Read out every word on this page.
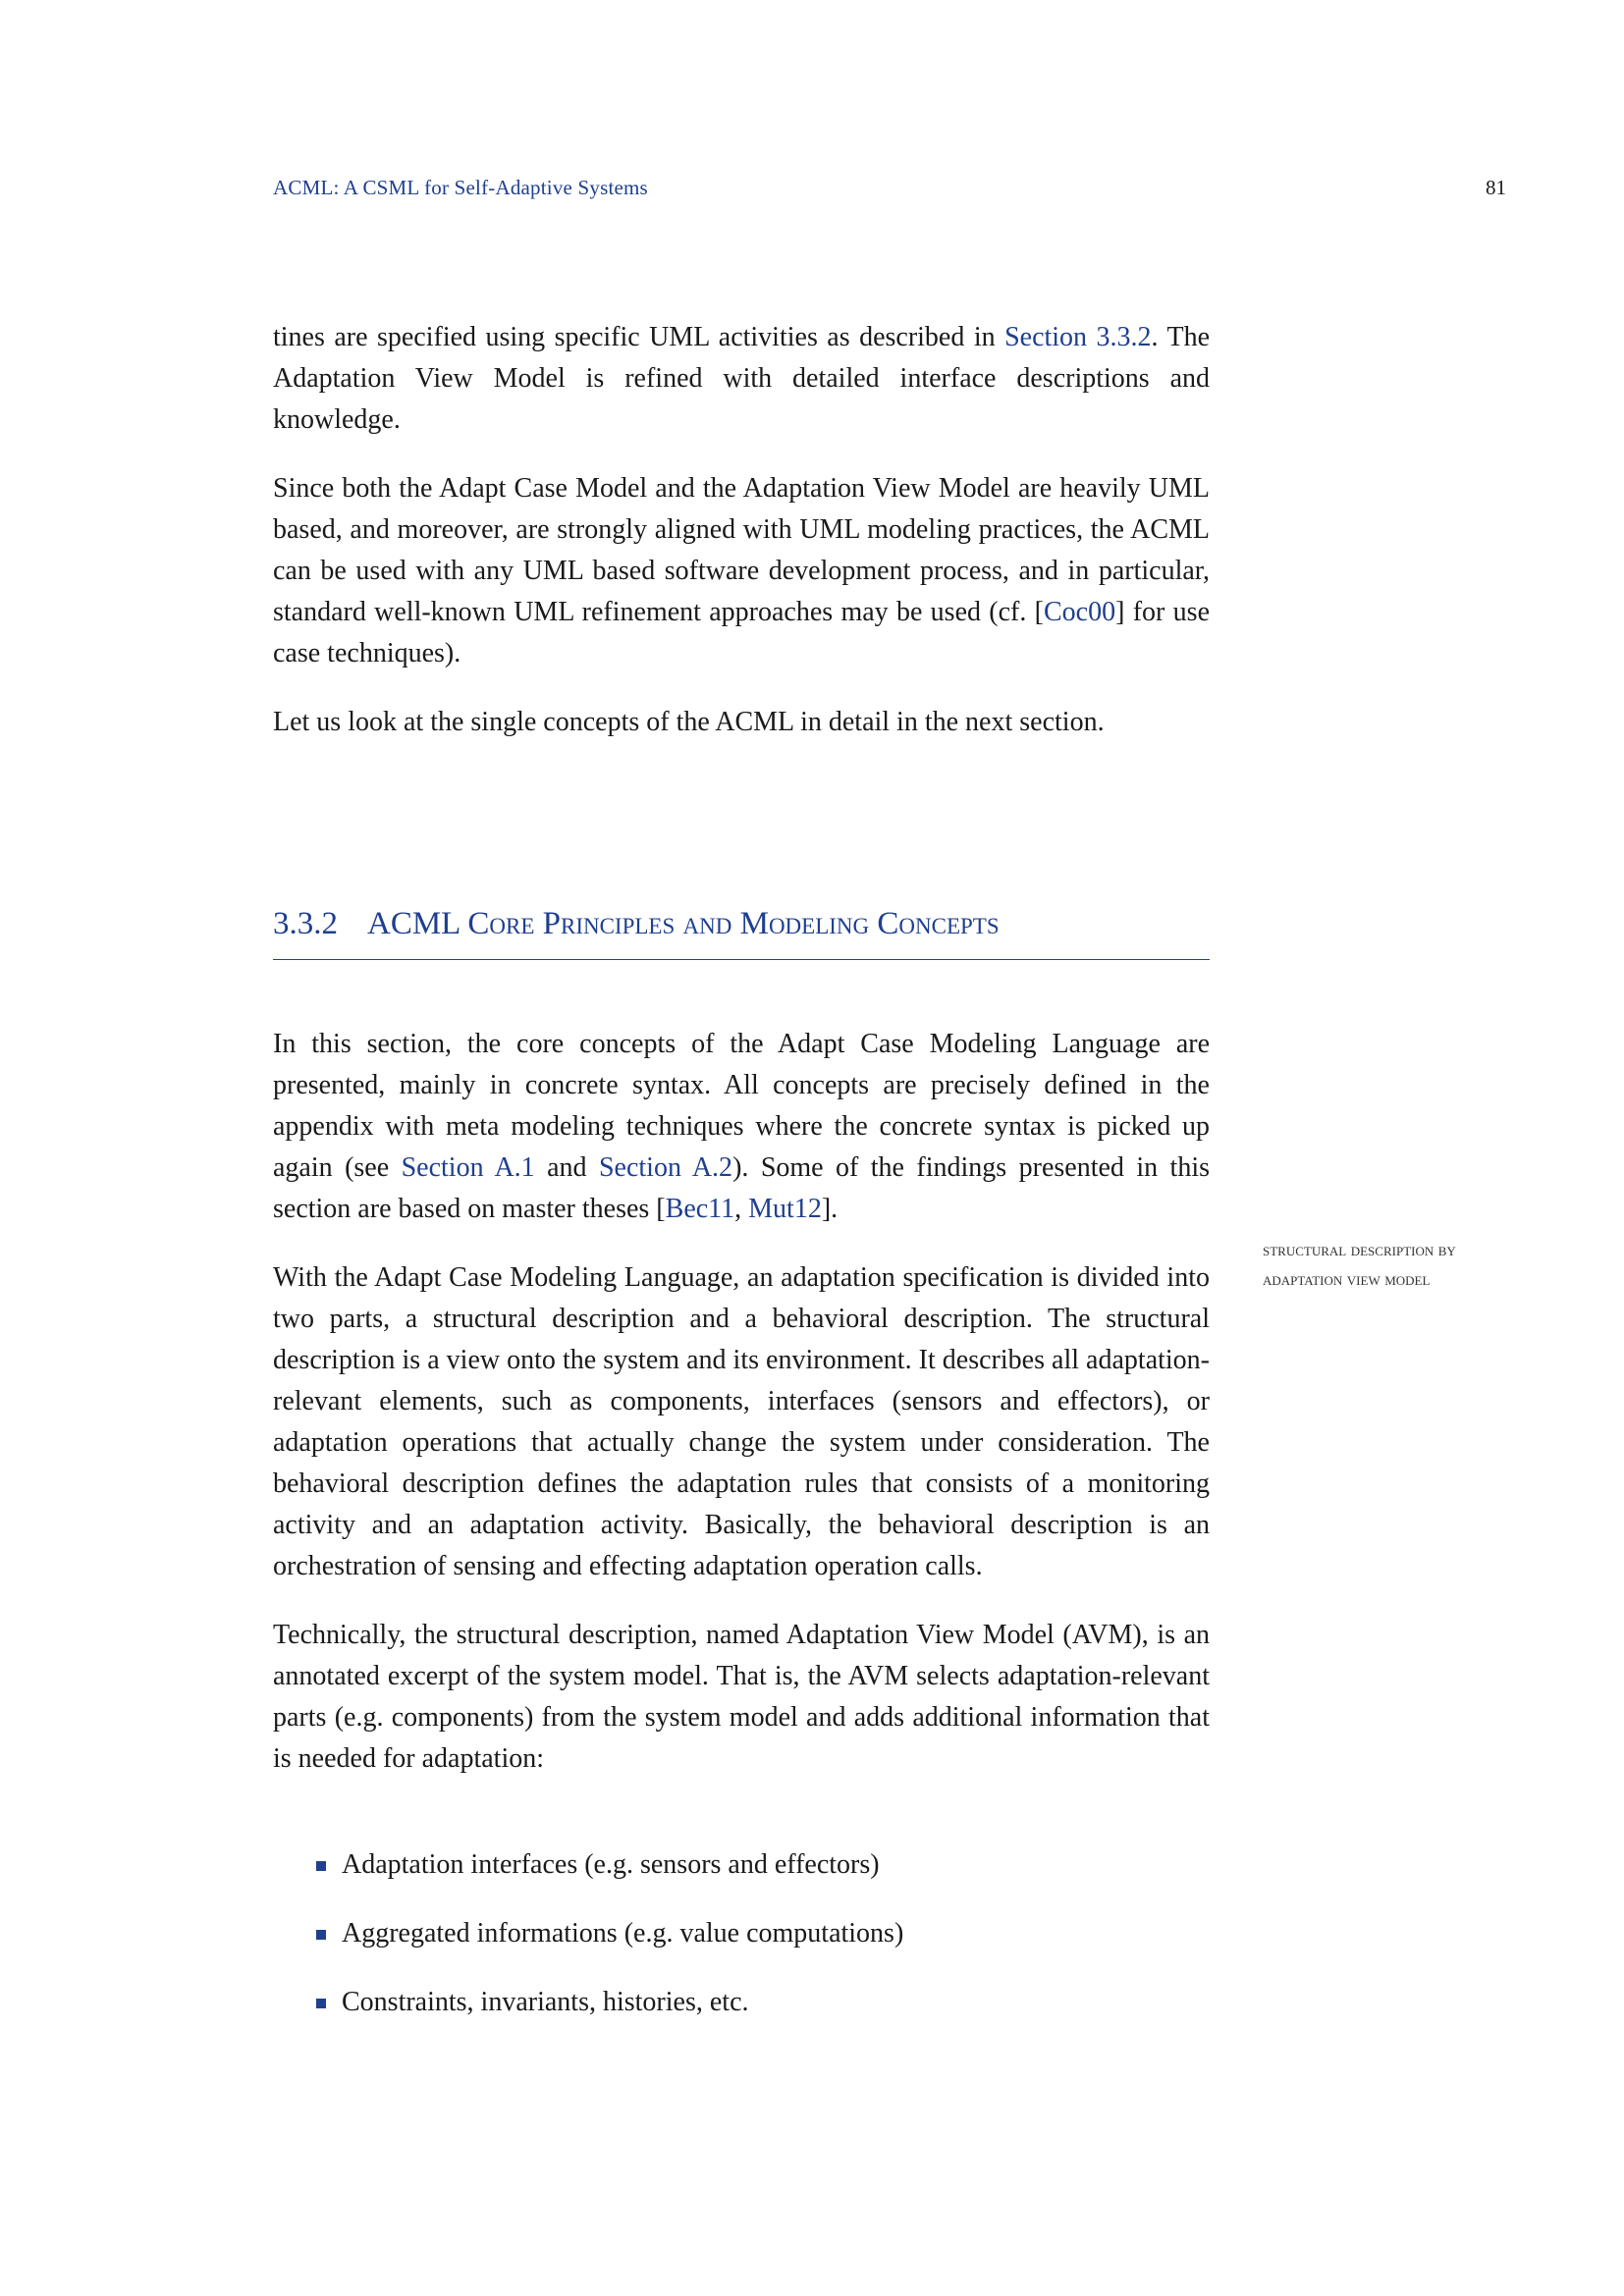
ACML: A CSML for Self-Adaptive Systems	81

tines are specified using specific UML activities as described in Section 3.3.2. The Adaptation View Model is refined with detailed interface descriptions and knowledge.

Since both the Adapt Case Model and the Adaptation View Model are heavily UML based, and moreover, are strongly aligned with UML modeling practices, the ACML can be used with any UML based software development process, and in particular, standard well-known UML refinement approaches may be used (cf. [Coc00] for use case techniques).

Let us look at the single concepts of the ACML in detail in the next section.

3.3.2 ACML Core Principles and Modeling Concepts

In this section, the core concepts of the Adapt Case Modeling Language are presented, mainly in concrete syntax. All concepts are precisely defined in the appendix with meta modeling techniques where the concrete syntax is picked up again (see Section A.1 and Section A.2). Some of the findings presented in this section are based on master theses [Bec11, Mut12].

With the Adapt Case Modeling Language, an adaptation specification is divided into two parts, a structural description and a behavioral description. The structural description is a view onto the system and its environment. It describes all adaptation-relevant elements, such as components, interfaces (sensors and effectors), or adaptation operations that actually change the system under consideration. The behavioral description defines the adaptation rules that consists of a monitoring activity and an adaptation activity. Basically, the behavioral description is an orchestration of sensing and effecting adaptation operation calls.

Technically, the structural description, named Adaptation View Model (AVM), is an annotated excerpt of the system model. That is, the AVM selects adaptation-relevant parts (e.g. components) from the system model and adds additional information that is needed for adaptation:

structural description by adaptation view model
Adaptation interfaces (e.g. sensors and effectors)
Aggregated informations (e.g. value computations)
Constraints, invariants, histories, etc.
